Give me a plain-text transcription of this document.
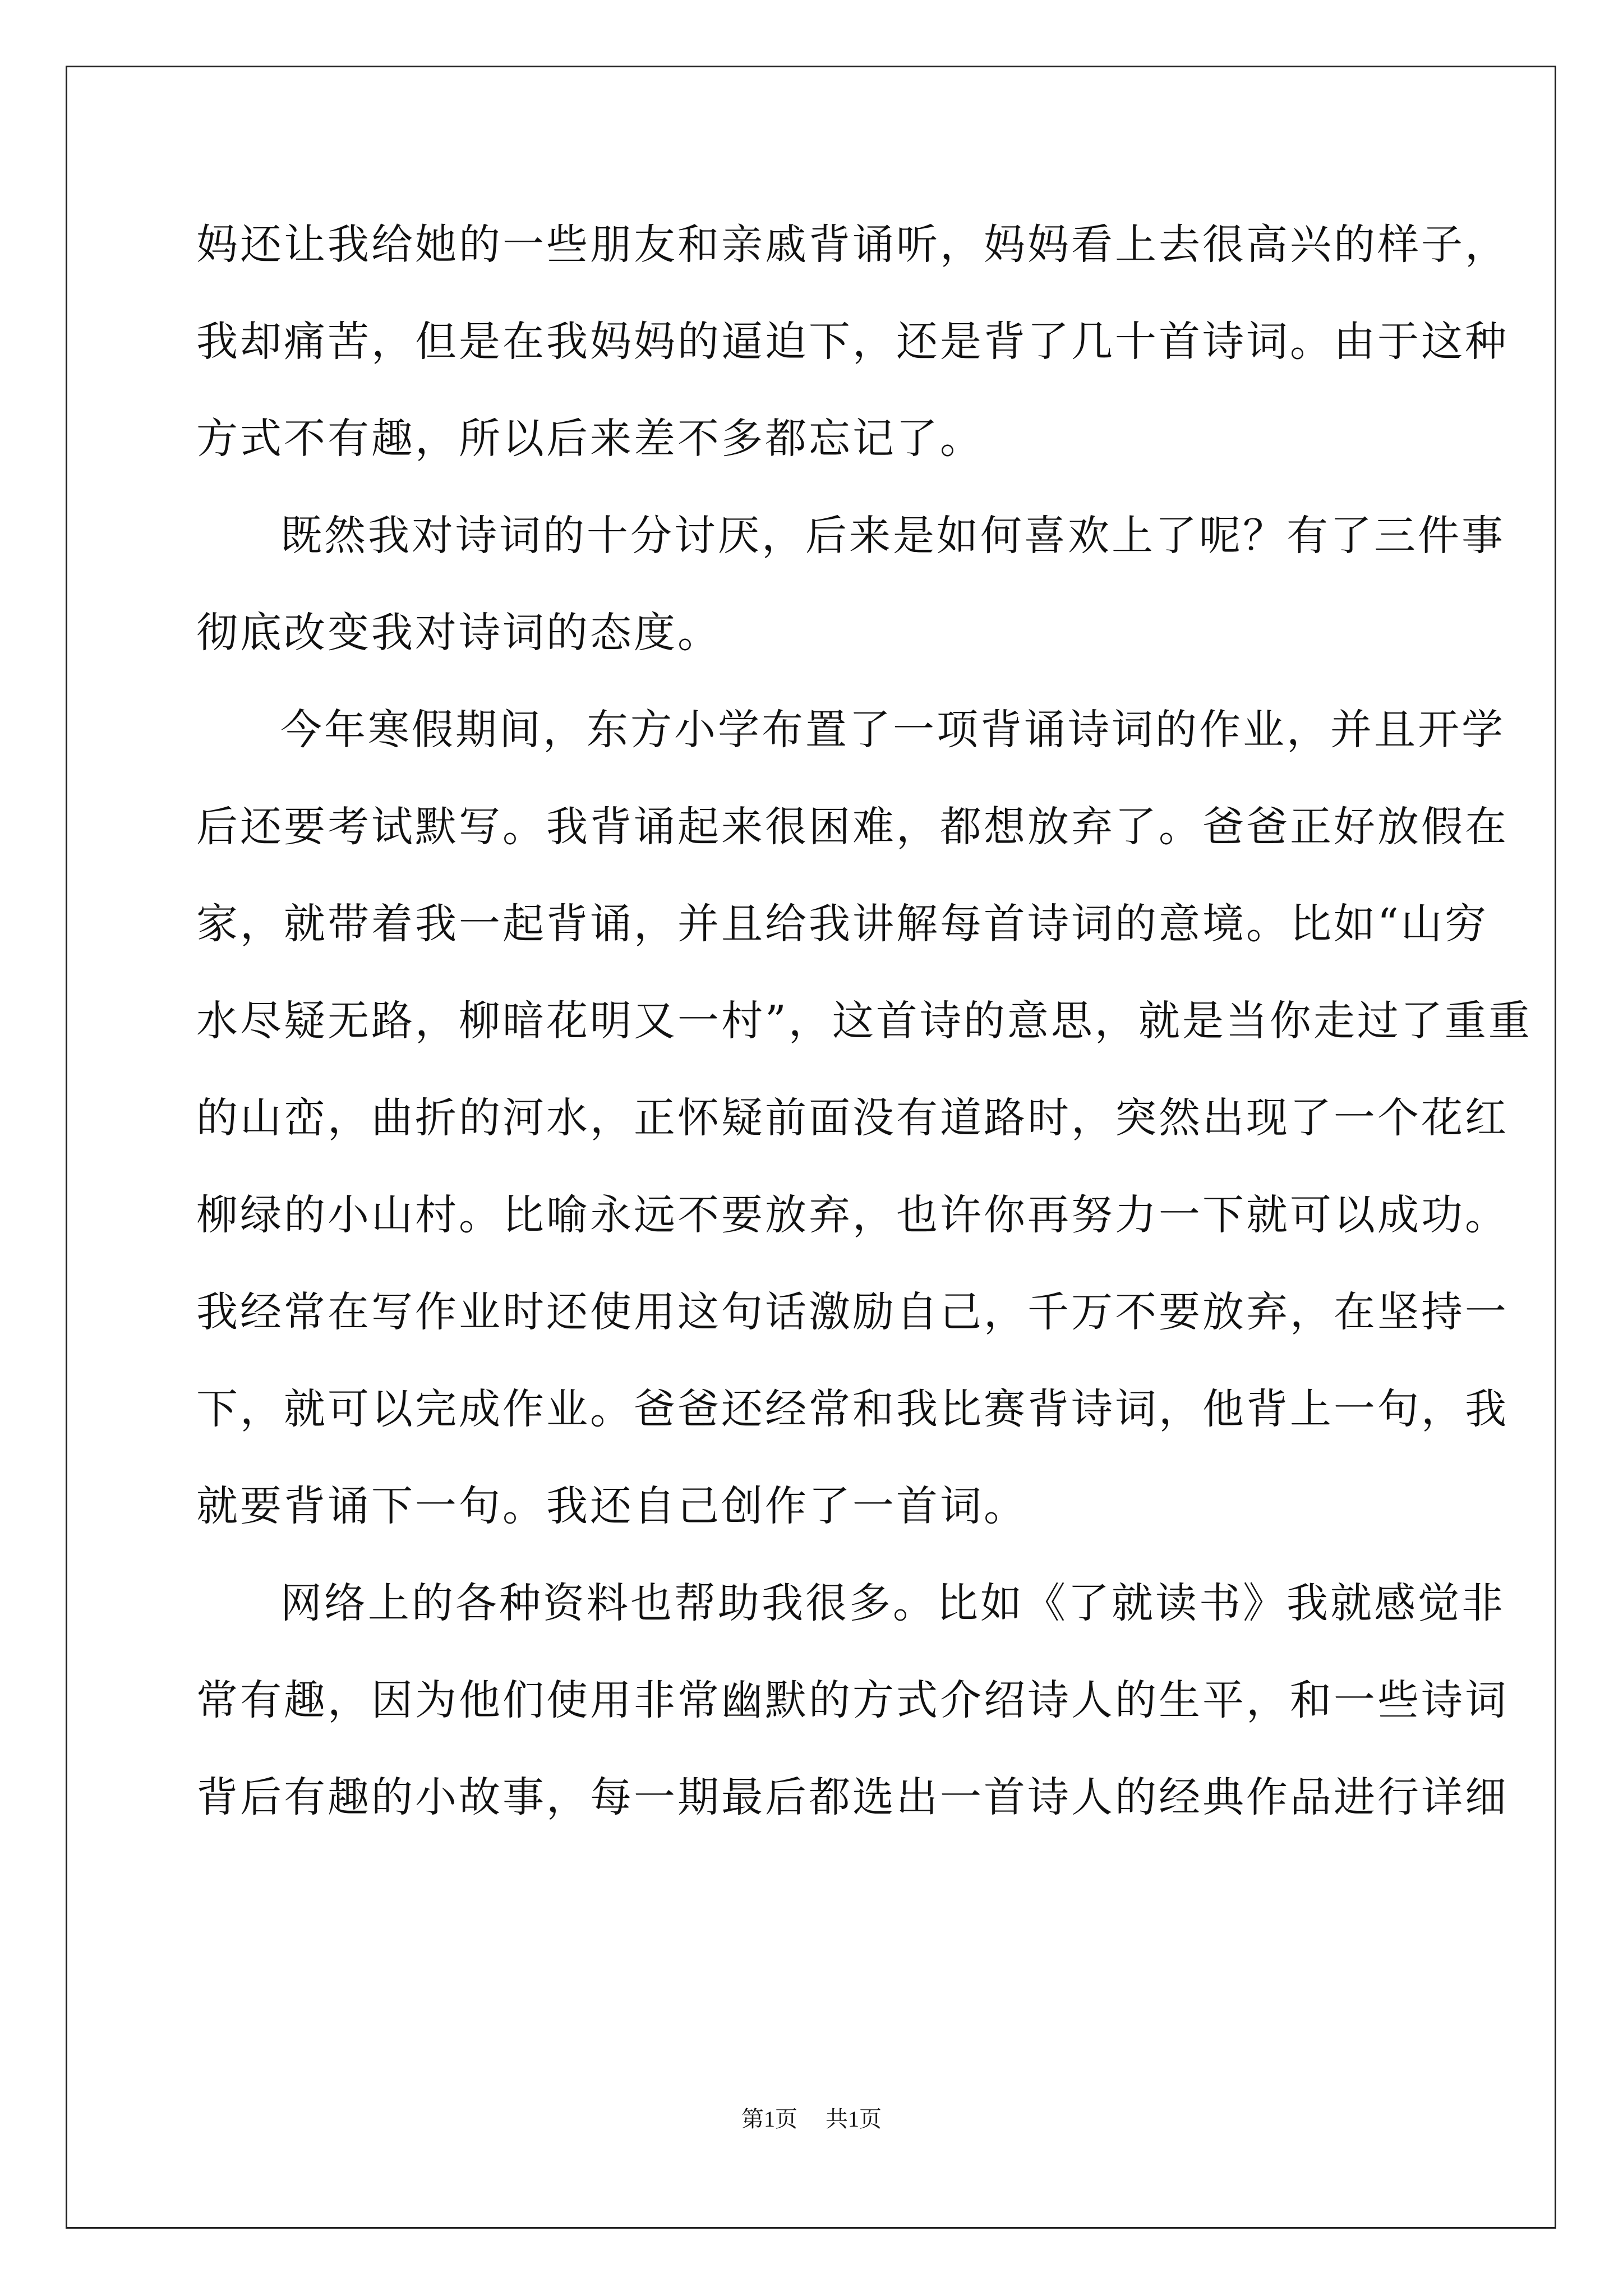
妈还让我给她的一些朋友和亲戚背诵听，妈妈看上去很高兴的样子，
我却痛苦，但是在我妈妈的逼迫下，还是背了几十首诗词。由于这种
方式不有趣，所以后来差不多都忘记了。
既然我对诗词的十分讨厌，后来是如何喜欢上了呢？有了三件事
彻底改变我对诗词的态度。
今年寒假期间，东方小学布置了一项背诵诗词的作业，并且开学
后还要考试默写。我背诵起来很困难，都想放弃了。爸爸正好放假在
家，就带着我一起背诵，并且给我讲解每首诗词的意境。比如“山穷
水尽疑无路，柳暗花明又一村”，这首诗的意思，就是当你走过了重重
的山峦，曲折的河水，正怀疑前面没有道路时，突然出现了一个花红
柳绿的小山村。比喻永远不要放弃，也许你再努力一下就可以成功。
我经常在写作业时还使用这句话激励自己，千万不要放弃，在坚持一
下，就可以完成作业。爸爸还经常和我比赛背诗词，他背上一句，我
就要背诵下一句。我还自己创作了一首词。
网络上的各种资料也帮助我很多。比如《了就读书》我就感觉非
常有趣，因为他们使用非常幽默的方式介绍诗人的生平，和一些诗词
背后有趣的小故事，每一期最后都选出一首诗人的经典作品进行详细
第1页 共1页
